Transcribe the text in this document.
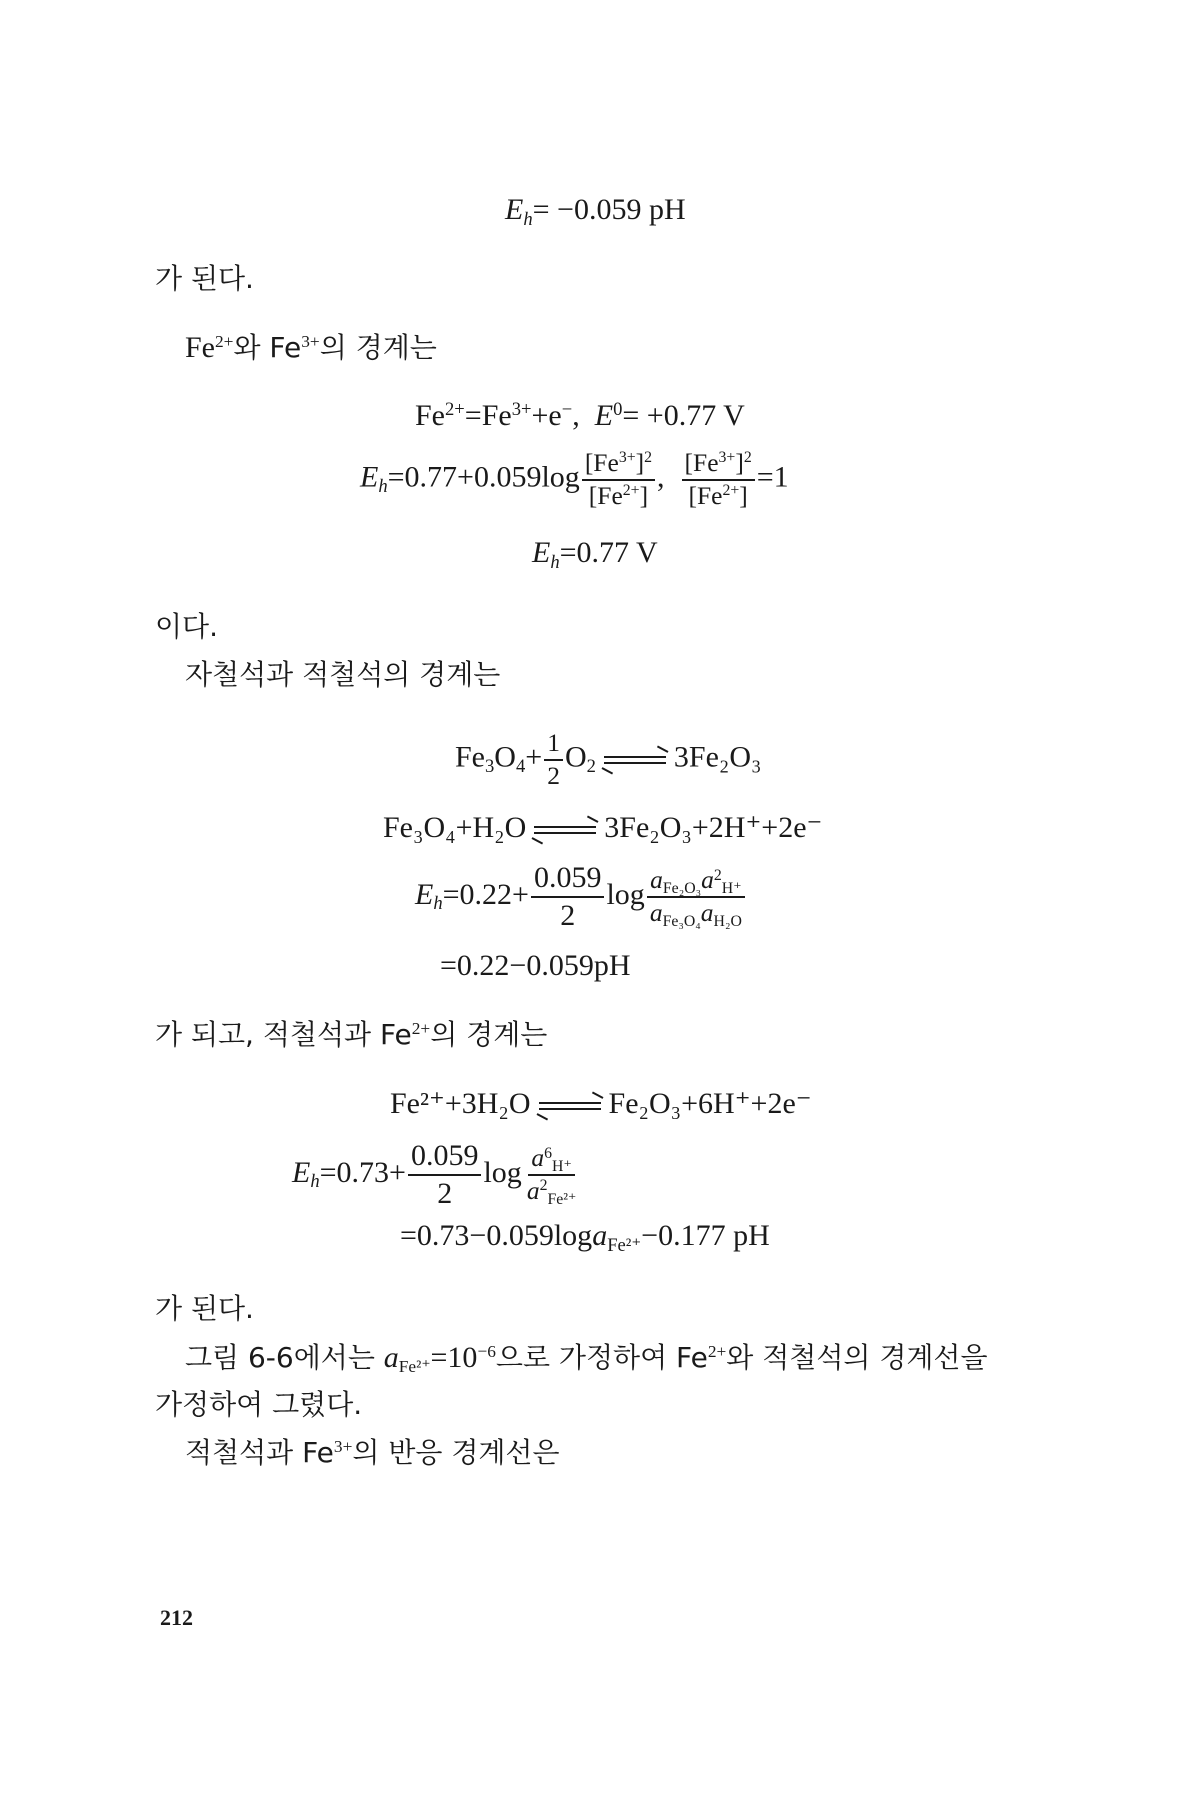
$E_h= -0.059$ pH
가 된다.
$Fe^{2+}$와 $Fe^{3+}$의 경계는
$Fe^{2+}=Fe^{3+}+e^-$,  $E^0= +0.77$ V
$E_h=0.77+0.059\log \frac{[Fe^{3+}]^2}{[Fe^{2+}]}$ , $\frac{[Fe^{3+}]^2}{[Fe^{2+}]} =1$
$E_h=0.77$ V
이다.
자철석과 적철석의 경계는
$Fe_3O_4+ \frac{1}{2} O_2$	3Fe₂O₃
Fe₃O₄+H₂O	3Fe₂O₃+2H⁺+2e⁻
$E_h=0.22+ \frac{0.059}{2}$ $\log \frac{a_{Fe_2O_3}a^2_{H^+}}{a_{Fe_3O_4}a_{H_2O}}$
=0.22−0.059pH
가 되고, 적철석과 $Fe^{2+}$의 경계는
Fe²⁺+3H₂O	Fe₂O₃+6H⁺+2e⁻
$E_h=0.73+ \frac{0.059}{2}$ $\log \frac{a^6_{H^+}}{a^2_{Fe^{2+}}}$
=0.73−0.059loga$_{Fe^{2+}}$−0.177 pH
가 된다.
그림 6-6에서는 $a_{Fe^{2+}}=10^{-6}$으로 가정하여 $Fe^{2+}$와 적철석의 경계선을
가정하여 그렸다.
적철석과 $Fe^{3+}$의 반응 경계선은
212
